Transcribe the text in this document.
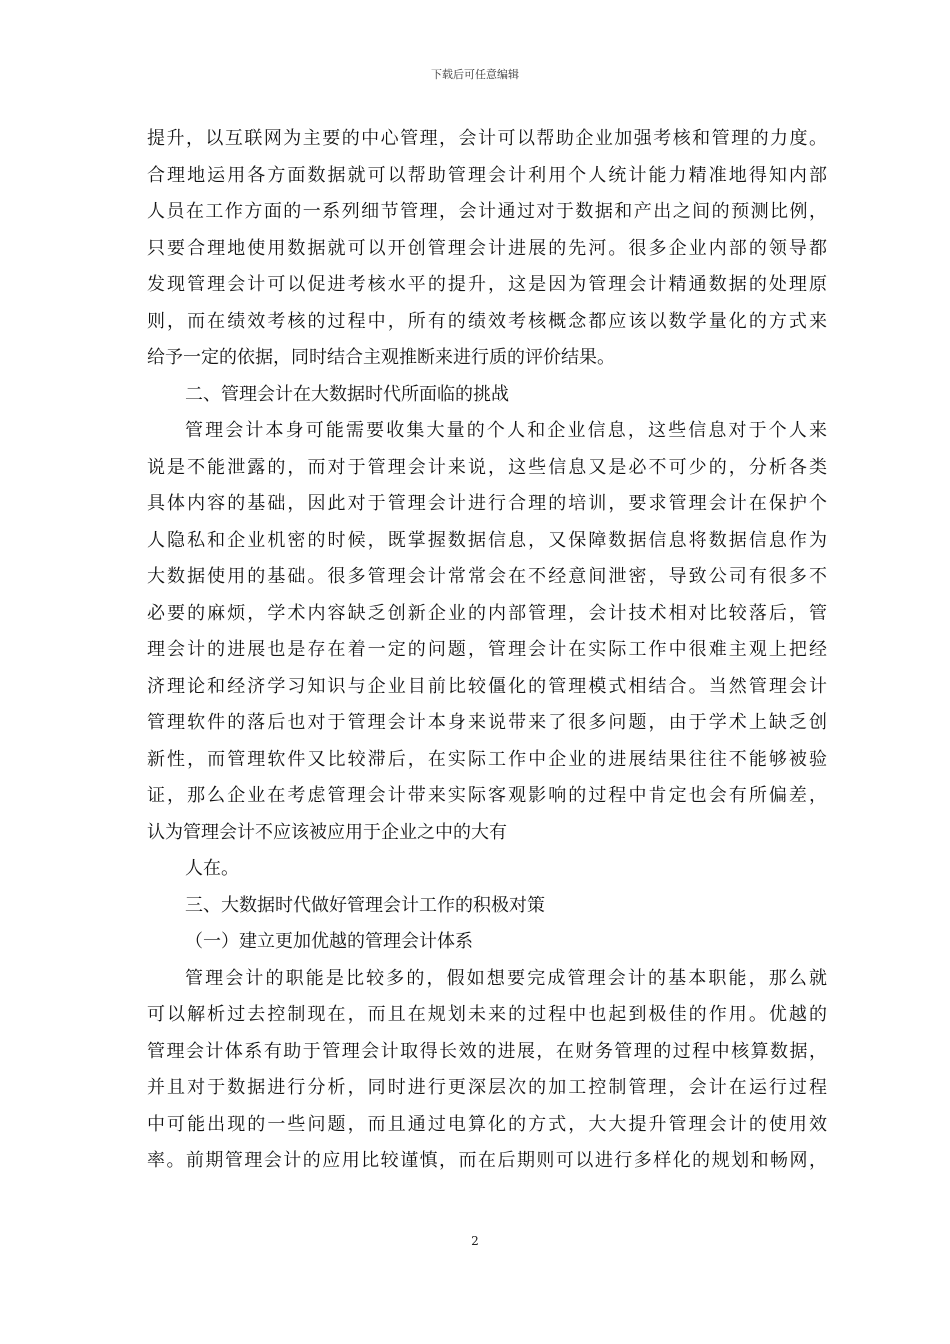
下载后可任意编辑
提升，以互联网为主要的中心管理，会计可以帮助企业加强考核和管理的力度。
合理地运用各方面数据就可以帮助管理会计利用个人统计能力精准地得知内部
人员在工作方面的一系列细节管理，会计通过对于数据和产出之间的预测比例，
只要合理地使用数据就可以开创管理会计进展的先河。很多企业内部的领导都
发现管理会计可以促进考核水平的提升，这是因为管理会计精通数据的处理原
则，而在绩效考核的过程中，所有的绩效考核概念都应该以数学量化的方式来
给予一定的依据，同时结合主观推断来进行质的评价结果。
二、管理会计在大数据时代所面临的挑战
管理会计本身可能需要收集大量的个人和企业信息，这些信息对于个人来
说是不能泄露的，而对于管理会计来说，这些信息又是必不可少的，分析各类
具体内容的基础，因此对于管理会计进行合理的培训，要求管理会计在保护个
人隐私和企业机密的时候，既掌握数据信息，又保障数据信息将数据信息作为
大数据使用的基础。很多管理会计常常会在不经意间泄密，导致公司有很多不
必要的麻烦，学术内容缺乏创新企业的内部管理，会计技术相对比较落后，管
理会计的进展也是存在着一定的问题，管理会计在实际工作中很难主观上把经
济理论和经济学习知识与企业目前比较僵化的管理模式相结合。当然管理会计
管理软件的落后也对于管理会计本身来说带来了很多问题，由于学术上缺乏创
新性，而管理软件又比较滞后，在实际工作中企业的进展结果往往不能够被验
证，那么企业在考虑管理会计带来实际客观影响的过程中肯定也会有所偏差，
认为管理会计不应该被应用于企业之中的大有
人在。
三、大数据时代做好管理会计工作的积极对策
（一）建立更加优越的管理会计体系
管理会计的职能是比较多的，假如想要完成管理会计的基本职能，那么就
可以解析过去控制现在，而且在规划未来的过程中也起到极佳的作用。优越的
管理会计体系有助于管理会计取得长效的进展，在财务管理的过程中核算数据，
并且对于数据进行分析，同时进行更深层次的加工控制管理，会计在运行过程
中可能出现的一些问题，而且通过电算化的方式，大大提升管理会计的使用效
率。前期管理会计的应用比较谨慎，而在后期则可以进行多样化的规划和畅网，
2
